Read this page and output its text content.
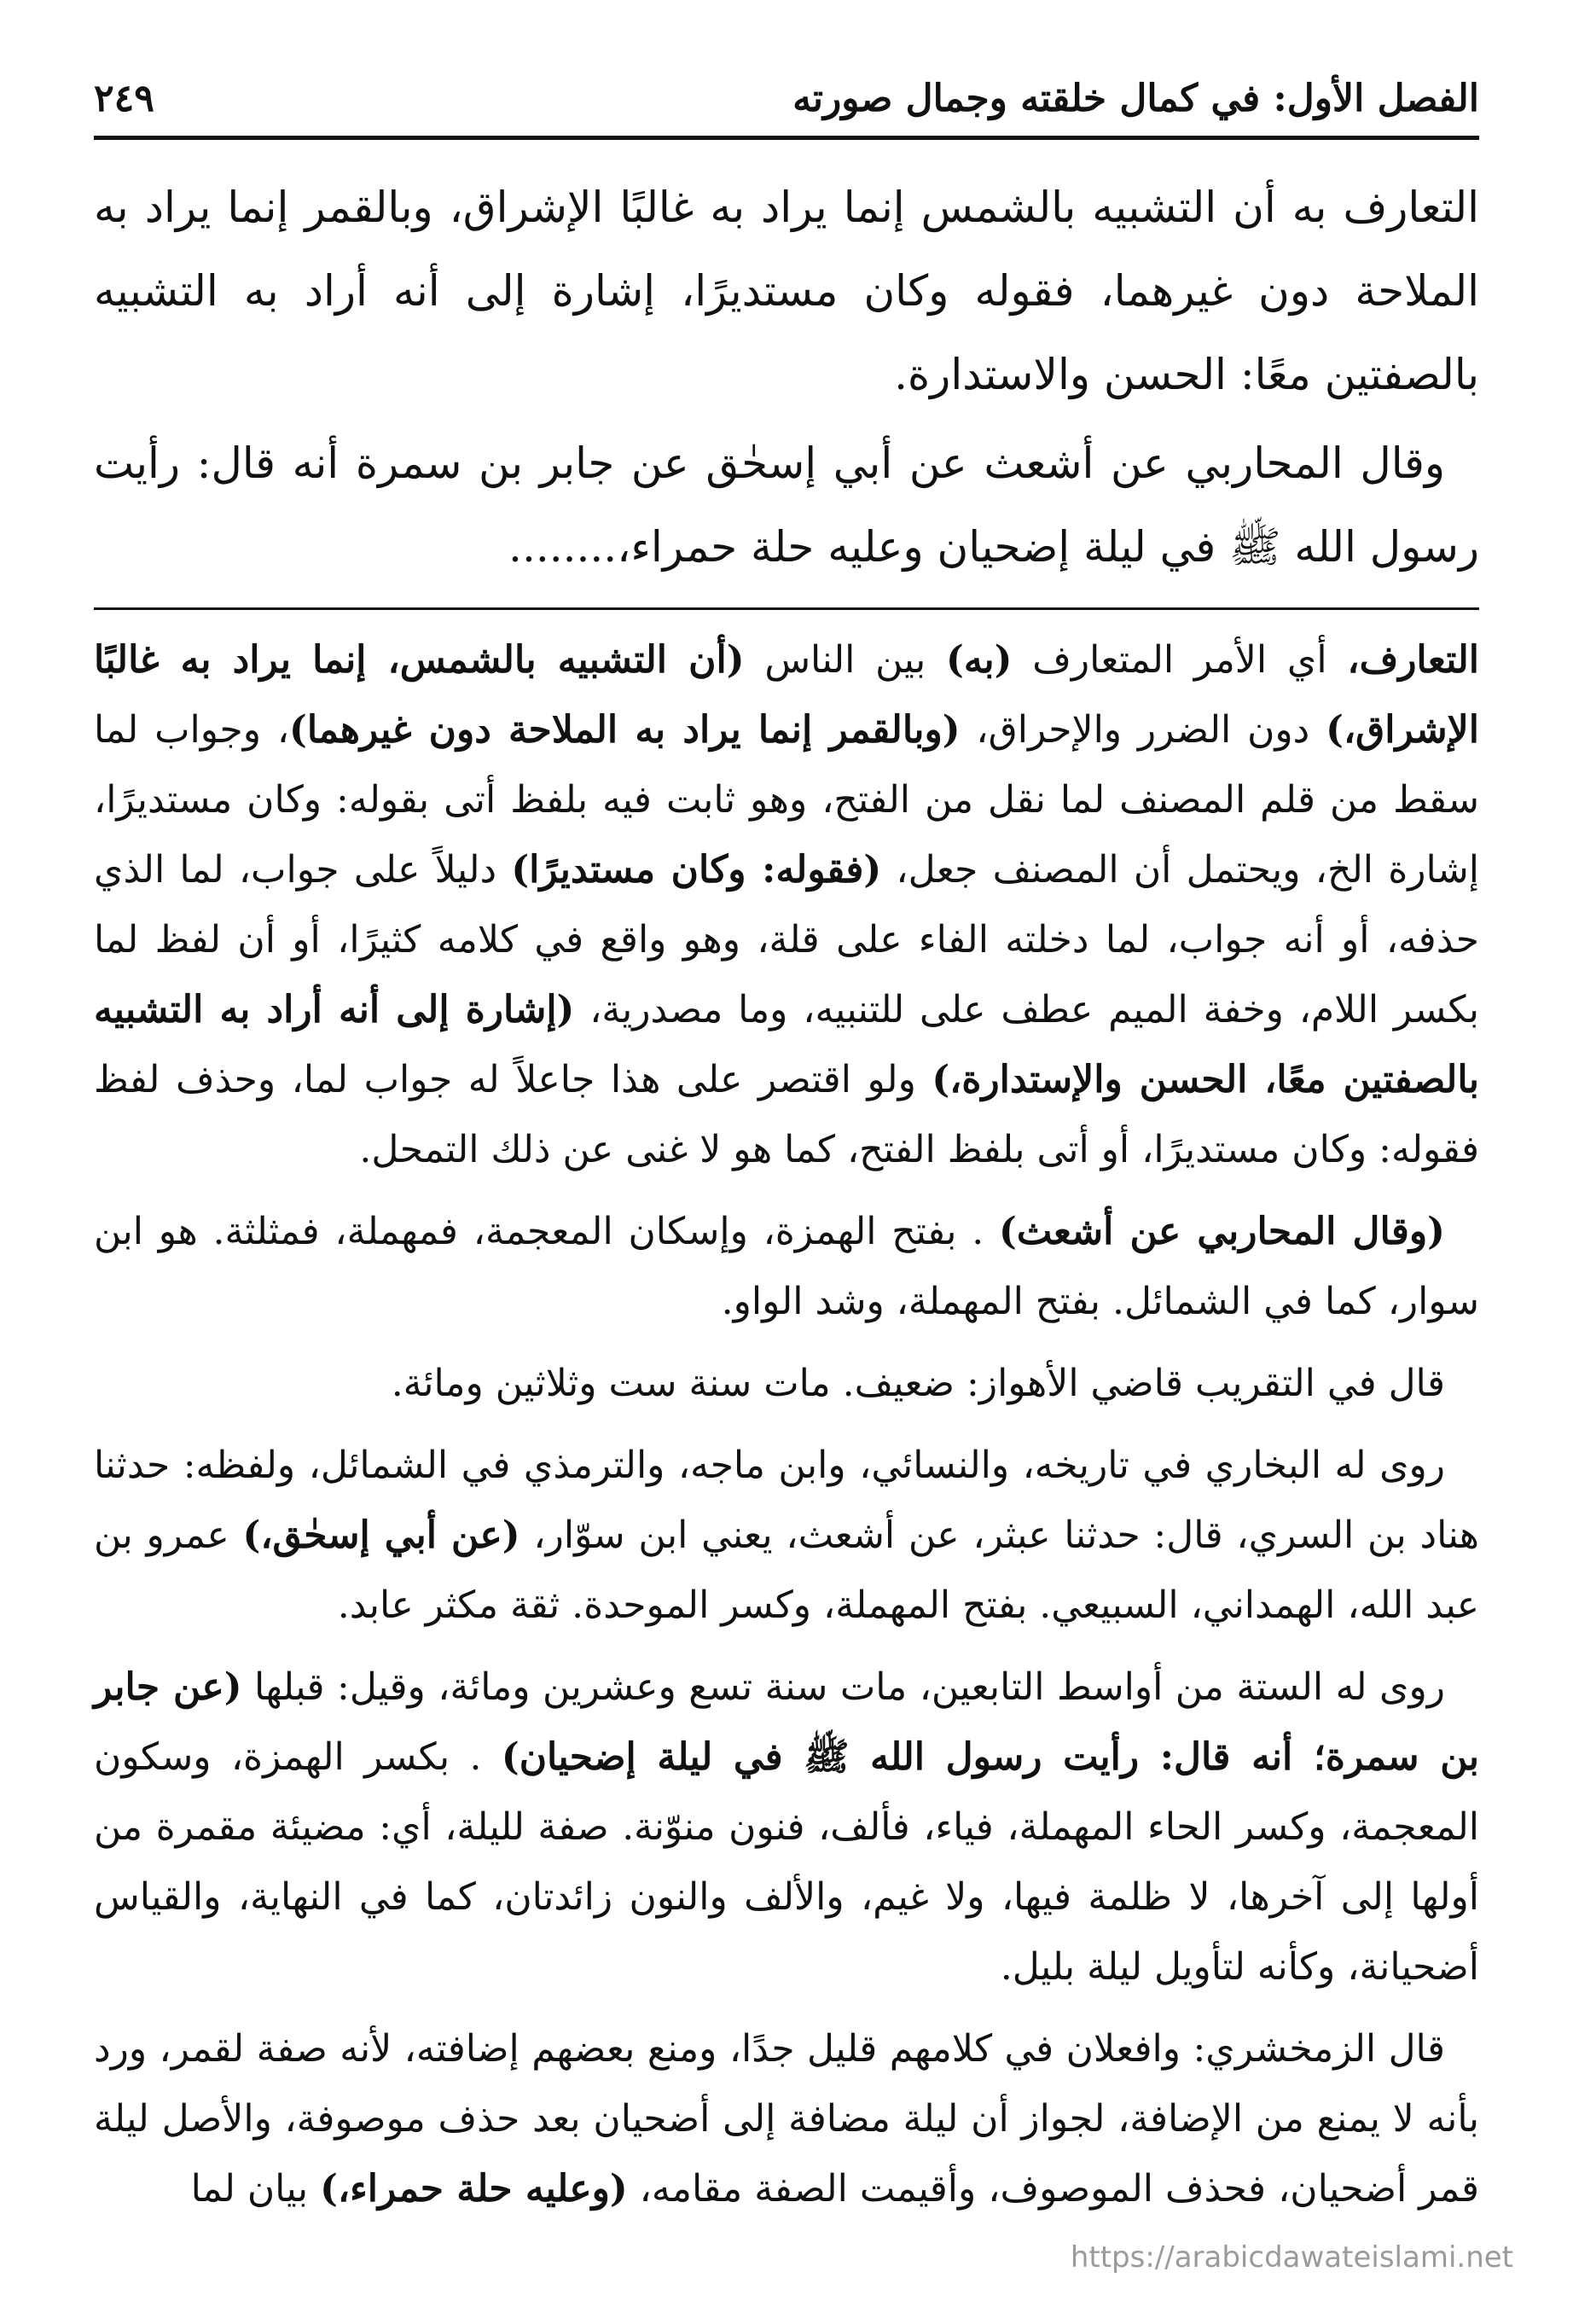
الفصل الأول: في كمال خلقته وجمال صورته
٢٤٩

التعارف به أن التشبيه بالشمس إنما يراد به غالبًا الإشراق، وبالقمر إنما يراد به الملاحة دون غيرهما، فقوله وكان مستديرًا، إشارة إلى أنه أراد به التشبيه بالصفتين معًا: الحسن والاستدارة.

وقال المحاربي عن أشعث عن أبي إسحٰق عن جابر بن سمرة أنه قال: رأيت رسول الله ﷺ في ليلة إضحيان وعليه حلة حمراء،........

التعارف، أي الأمر المتعارف (به) بين الناس (أن التشبيه بالشمس، إنما يراد به غالبًا الإشراق،) دون الضرر والإحراق، (وبالقمر إنما يراد به الملاحة دون غيرهما)، وجواب لما سقط من قلم المصنف لما نقل من الفتح، وهو ثابت فيه بلفظ أتى بقوله: وكان مستديرًا، إشارة الخ، ويحتمل أن المصنف جعل، (فقوله: وكان مستديرًا) دليلاً على جواب، لما الذي حذفه، أو أنه جواب، لما دخلته الفاء على قلة، وهو واقع في كلامه كثيرًا، أو أن لفظ لما بكسر اللام، وخفة الميم عطف على للتنبيه، وما مصدرية، (إشارة إلى أنه أراد به التشبيه بالصفتين معًا، الحسن والإستدارة،) ولو اقتصر على هذا جاعلاً له جواب لما، وحذف لفظ فقوله: وكان مستديرًا، أو أتى بلفظ الفتح، كما هو لا غنى عن ذلك التمحل.

(وقال المحاربي عن أشعث) . بفتح الهمزة، وإسكان المعجمة، فمهملة، فمثلثة. هو ابن سوار، كما في الشمائل. بفتح المهملة، وشد الواو.

قال في التقريب قاضي الأهواز: ضعيف. مات سنة ست وثلاثين ومائة.

روى له البخاري في تاريخه، والنسائي، وابن ماجه، والترمذي في الشمائل، ولفظه: حدثنا هناد بن السري، قال: حدثنا عبثر، عن أشعث، يعني ابن سوّار، (عن أبي إسحٰق،) عمرو بن عبد الله، الهمداني، السبيعي. بفتح المهملة، وكسر الموحدة. ثقة مكثر عابد.

روى له الستة من أواسط التابعين، مات سنة تسع وعشرين ومائة، وقيل: قبلها (عن جابر بن سمرة؛ أنه قال: رأيت رسول الله ﷺ في ليلة إضحيان) . بكسر الهمزة، وسكون المعجمة، وكسر الحاء المهملة، فياء، فألف، فنون منوّنة. صفة لليلة، أي: مضيئة مقمرة من أولها إلى آخرها، لا ظلمة فيها، ولا غيم، والألف والنون زائدتان، كما في النهاية، والقياس أضحيانة، وكأنه لتأويل ليلة بليل.

قال الزمخشري: وافعلان في كلامهم قليل جدًا، ومنع بعضهم إضافته، لأنه صفة لقمر، ورد بأنه لا يمنع من الإضافة، لجواز أن ليلة مضافة إلى أضحيان بعد حذف موصوفة، والأصل ليلة قمر أضحيان، فحذف الموصوف، وأقيمت الصفة مقامه، (وعليه حلة حمراء،) بيان لما

https://arabicdawateislami.net
